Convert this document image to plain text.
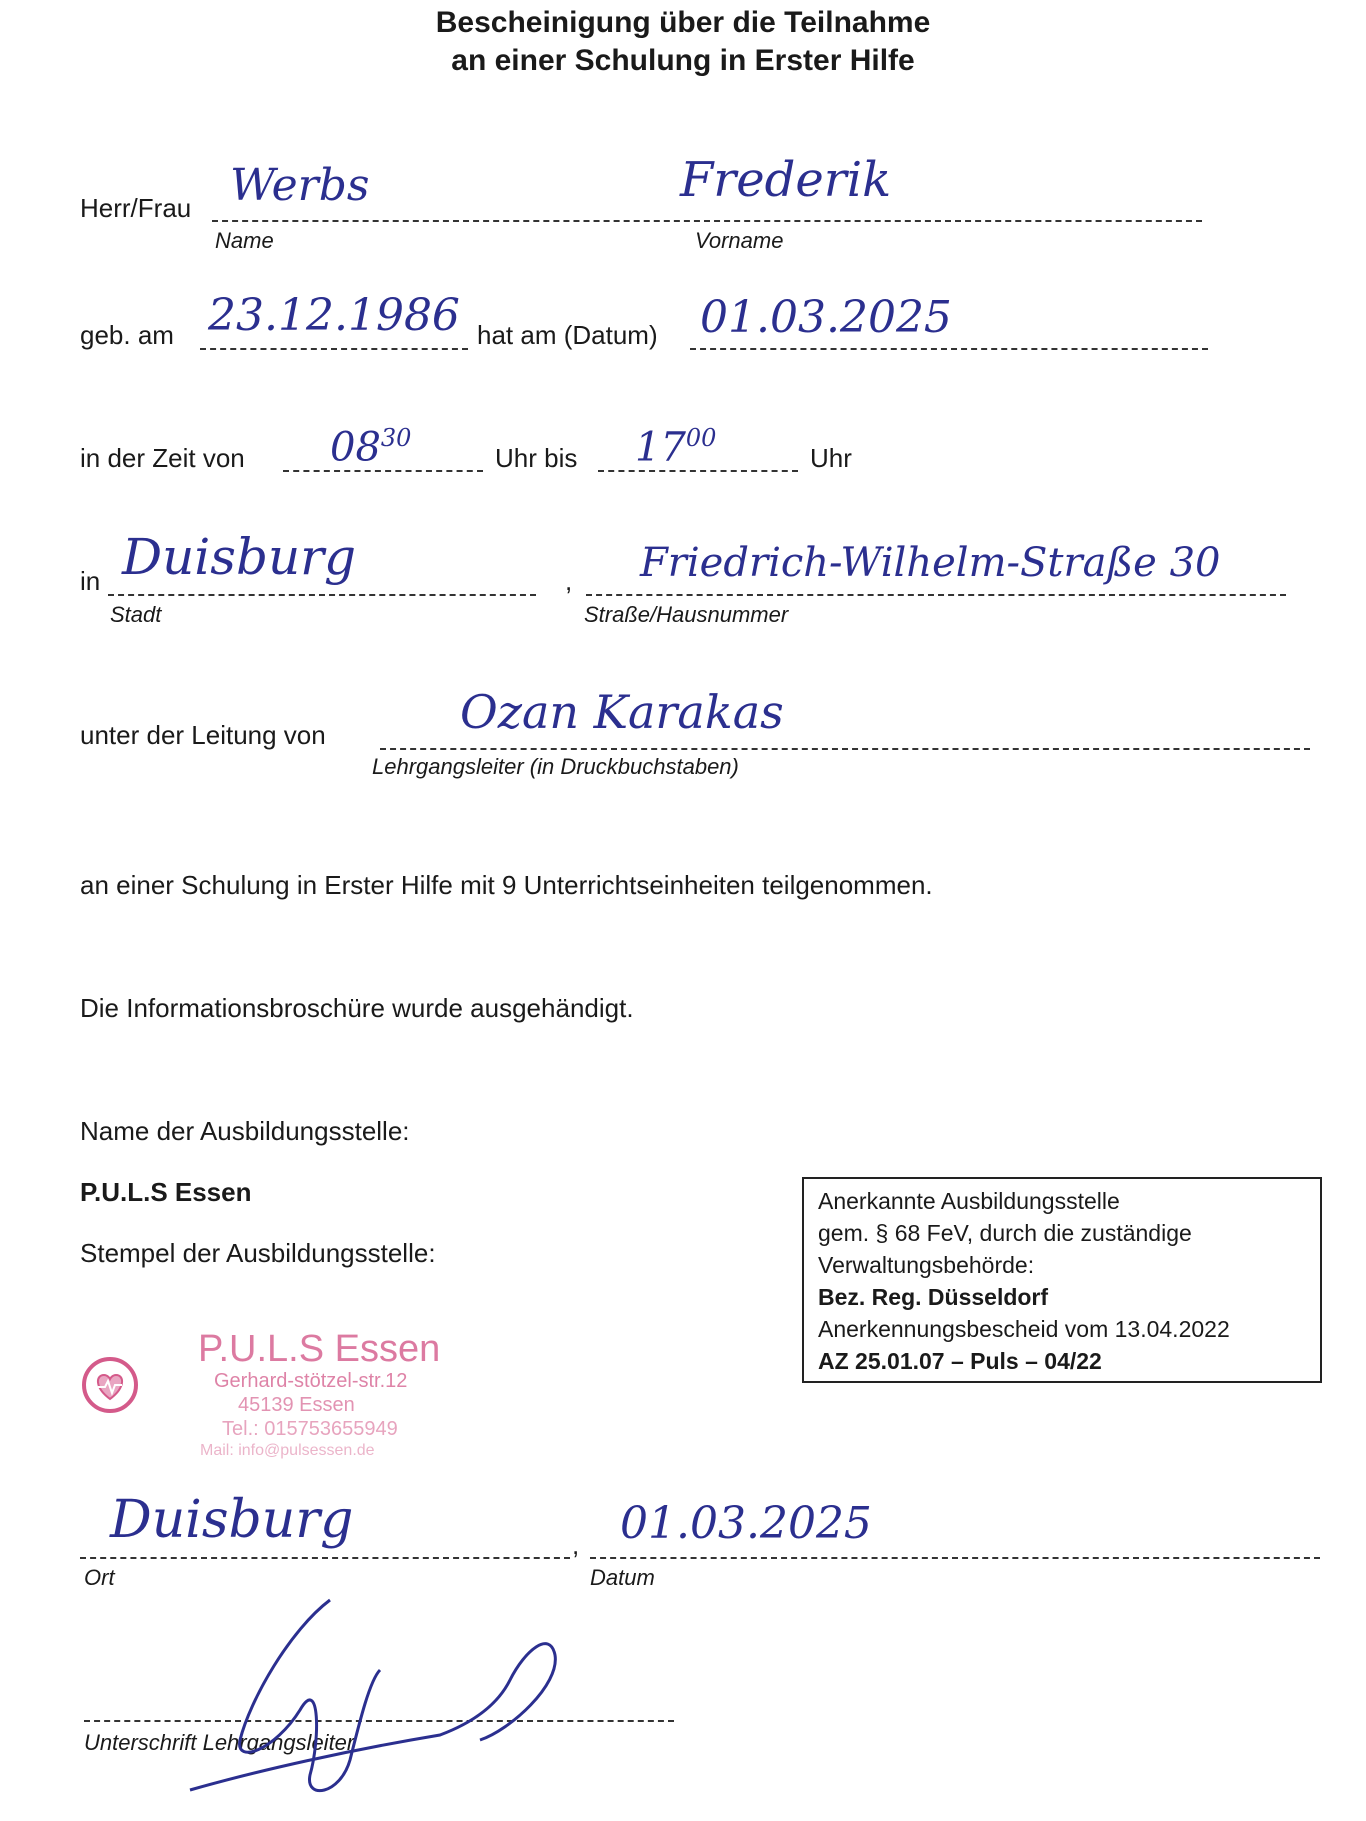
Bescheinigung über die Teilnahme
an einer Schulung in Erster Hilfe
Herr/Frau Werbs	Frederik
Name	Vorname
geb. am 23.12.1986 hat am (Datum) 01.03.2025
in der Zeit von $08^{30}$
Uhr bis $17^{00}$
Uhr
in Duisburg	, Friedrich-Wilhelm-Straße 30
Stadt	Straße/Hausnummer
unter der Leitung von	Ozan Karakas
Lehrgangsleiter (in Druckbuchstaben)
an einer Schulung in Erster Hilfe mit 9 Unterrichtseinheiten teilgenommen.
Die Informationsbroschüre wurde ausgehändigt.
Name der Ausbildungsstelle:
P.U.L.S Essen
Stempel der Ausbildungsstelle:
Anerkannte Ausbildungsstelle
gem. § 68 FeV, durch die zuständige
Verwaltungsbehörde:
Bez. Reg. Düsseldorf
Anerkennungsbescheid vom 13.04.2022
AZ 25.01.07 – Puls – 04/22
P.U.L.S Essen
Gerhard-stötzel-str.12
45139 Essen
Tel.: 015753655949
Mail: info@pulsessen.de
Duisburg	, 01.03.2025
Ort	Datum
Unterschrift Lehrgangsleiter
